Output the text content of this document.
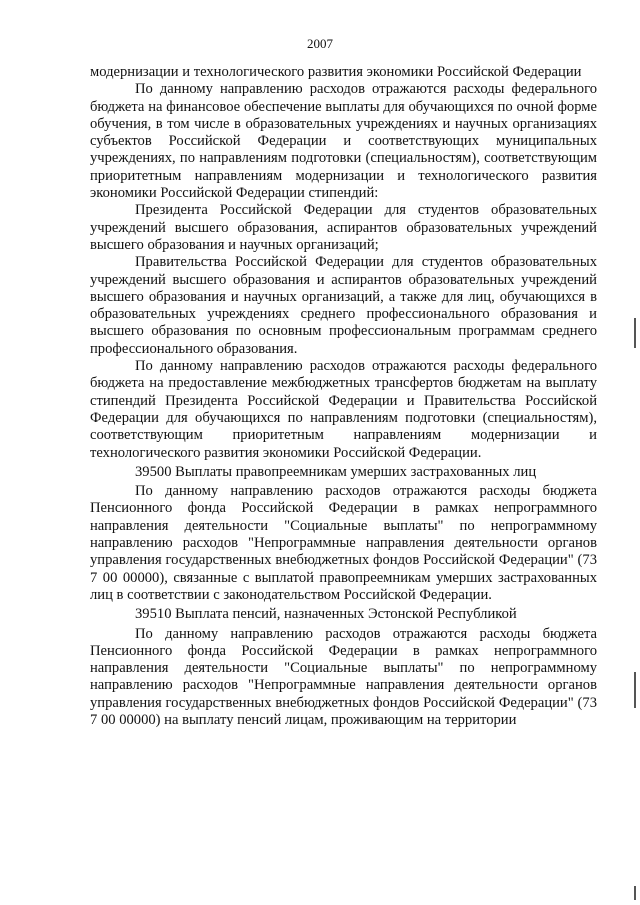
2007

модернизации и технологического развития экономики Российской Федерации

По данному направлению расходов отражаются расходы федерального бюджета на финансовое обеспечение выплаты для обучающихся по очной форме обучения, в том числе в образовательных учреждениях и научных организациях субъектов Российской Федерации и соответствующих муниципальных учреждениях, по направлениям подготовки (специальностям), соответствующим приоритетным направлениям модернизации и технологического развития экономики Российской Федерации стипендий:

Президента Российской Федерации для студентов образовательных учреждений высшего образования, аспирантов образовательных учреждений высшего образования и научных организаций;

Правительства Российской Федерации для студентов образовательных учреждений высшего образования и аспирантов образовательных учреждений высшего образования и научных организаций, а также для лиц, обучающихся в образовательных учреждениях среднего профессионального образования и высшего образования по основным профессиональным программам среднего профессионального образования.

По данному направлению расходов отражаются расходы федерального бюджета на предоставление межбюджетных трансфертов бюджетам на выплату стипендий Президента Российской Федерации и Правительства Российской Федерации для обучающихся по направлениям подготовки (специальностям), соответствующим приоритетным направлениям модернизации и технологического развития экономики Российской Федерации.

39500 Выплаты правопреемникам умерших застрахованных лиц

По данному направлению расходов отражаются расходы бюджета Пенсионного фонда Российской Федерации в рамках непрограммного направления деятельности "Социальные выплаты" по непрограммному направлению расходов "Непрограммные направления деятельности органов управления государственных внебюджетных фондов Российской Федерации" (73 7 00 00000), связанные с выплатой правопреемникам умерших застрахованных лиц в соответствии с законодательством Российской Федерации.

39510 Выплата пенсий, назначенных Эстонской Республикой

По данному направлению расходов отражаются расходы бюджета Пенсионного фонда Российской Федерации в рамках непрограммного направления деятельности "Социальные выплаты" по непрограммному направлению расходов "Непрограммные направления деятельности органов управления государственных внебюджетных фондов Российской Федерации" (73 7 00 00000) на выплату пенсий лицам, проживающим на территории
